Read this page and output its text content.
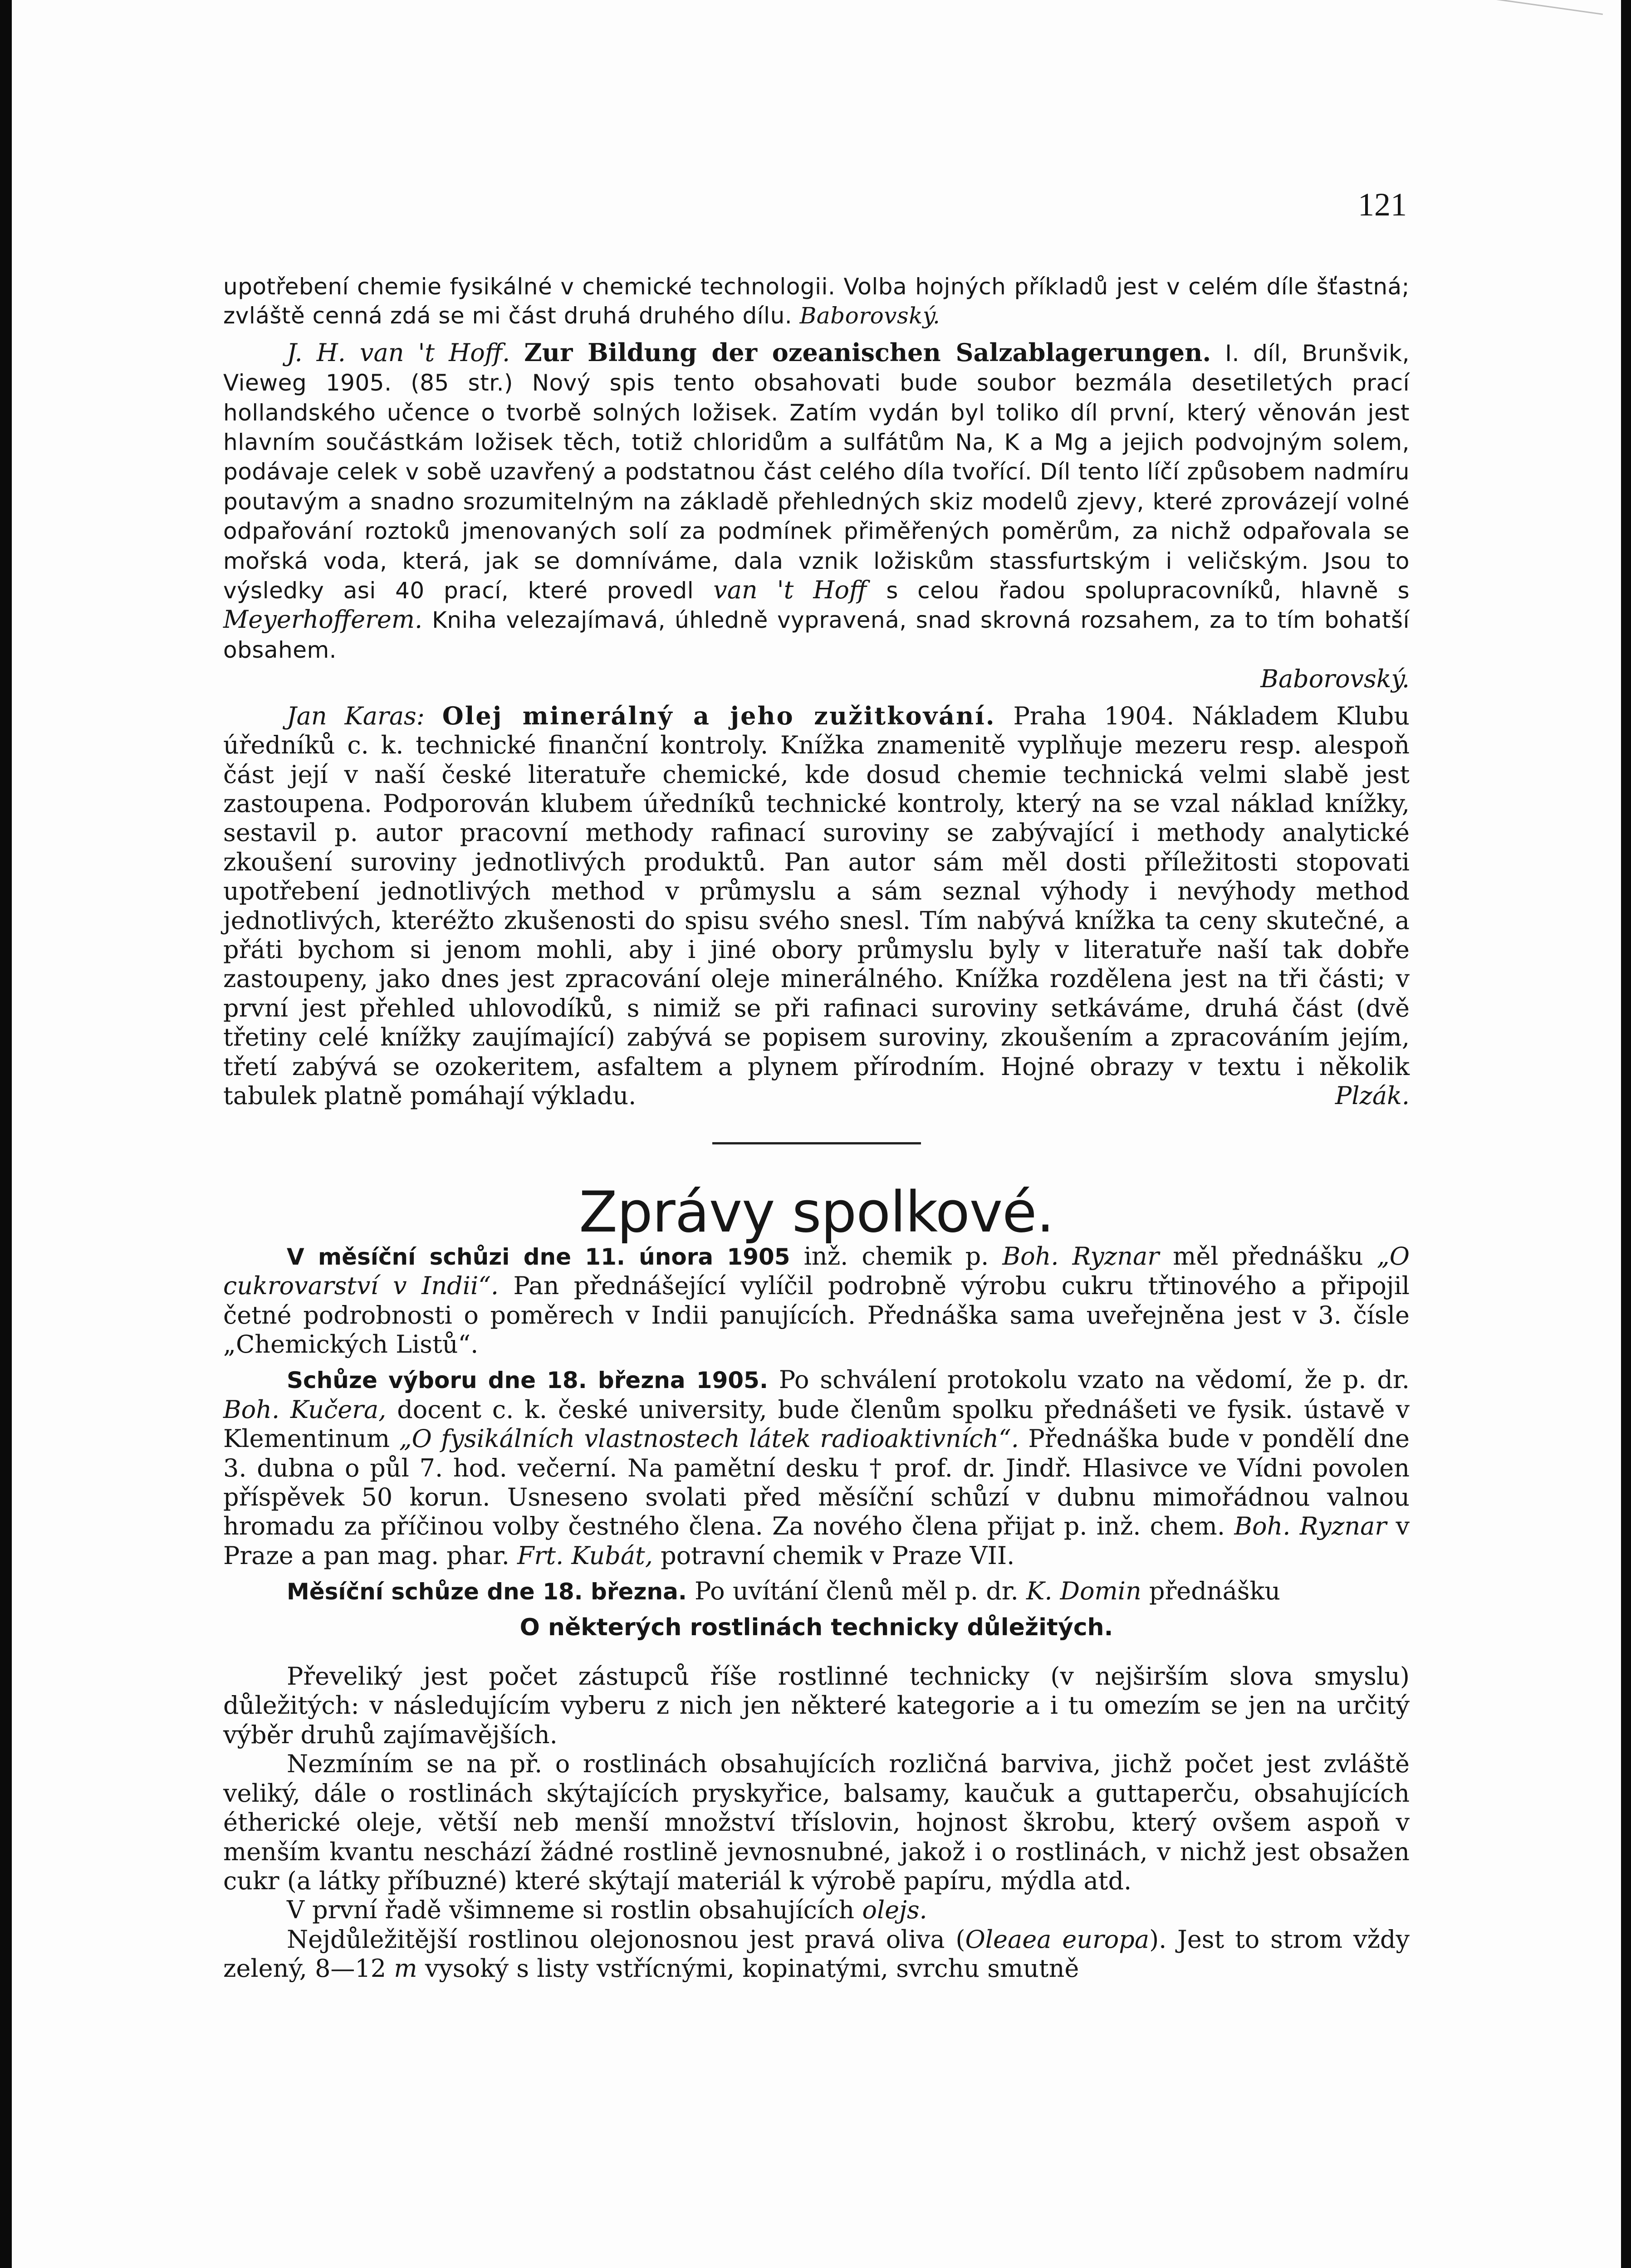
121

upotřebení chemie fysikálné v chemické technologii. Volba hojných příkladů jest v celém díle šťastná; zvláště cenná zdá se mi část druhá druhého dílu. Baborovský.

J. H. van 't Hoff. Zur Bildung der ozeanischen Salzablagerungen. I. díl, Brunšvik, Vieweg 1905. (85 str.) Nový spis tento obsahovati bude soubor bezmála desetiletých prací hollandského učence o tvorbě solných ložisek. Zatím vydán byl toliko díl první, který věnován jest hlavním součástkám ložisek těch, totiž chloridům a sulfátům Na, K a Mg a jejich podvojným solem, podávaje celek v sobě uzavřený a podstatnou část celého díla tvořící. Díl tento líčí způsobem nadmíru poutavým a snadno srozumitelným na základě přehledných skiz modelů zjevy, které zprovázejí volné odpařování roztoků jmenovaných solí za podmínek přiměřených poměrům, za nichž odpařovala se mořská voda, která, jak se domníváme, dala vznik ložiskům stassfurtským i veličským. Jsou to výsledky asi 40 prací, které provedl van 't Hoff s celou řadou spolupracovníků, hlavně s Meyerhofferem. Kniha velezajímavá, úhledně vypravená, snad skrovná rozsahem, za to tím bohatší obsahem.

Baborovský.

Jan Karas: Olej minerálný a jeho zužitkování. Praha 1904. Nákladem Klubu úředníků c. k. technické finanční kontroly. Knížka znamenitě vyplňuje mezeru resp. alespoň část její v naší české literatuře chemické, kde dosud chemie technická velmi slabě jest zastoupena. Podporován klubem úředníků technické kontroly, který na se vzal náklad knížky, sestavil p. autor pracovní methody rafinací suroviny se zabývající i methody analytické zkoušení suroviny jednotlivých produktů. Pan autor sám měl dosti příležitosti stopovati upotřebení jednotlivých method v průmyslu a sám seznal výhody i nevýhody method jednotlivých, kteréžto zkušenosti do spisu svého snesl. Tím nabývá knížka ta ceny skutečné, a přáti bychom si jenom mohli, aby i jiné obory průmyslu byly v literatuře naší tak dobře zastoupeny, jako dnes jest zpracování oleje minerálného. Knížka rozdělena jest na tři části; v první jest přehled uhlovodíků, s nimiž se při rafinaci suroviny setkáváme, druhá část (dvě třetiny celé knížky zaujímající) zabývá se popisem suroviny, zkoušením a zpracováním jejím, třetí zabývá se ozokeritem, asfaltem a plynem přírodním. Hojné obrazy v textu i několik tabulek platně pomáhají výkladu.	Plzák.

Zprávy spolkové.

V měsíční schůzi dne 11. února 1905 inž. chemik p. Boh. Ryznar měl přednášku „O cukrovarství v Indii“. Pan přednášející vylíčil podrobně výrobu cukru třtinového a připojil četné podrobnosti o poměrech v Indii panujících. Přednáška sama uveřejněna jest v 3. čísle „Chemických Listů“.

Schůze výboru dne 18. března 1905. Po schválení protokolu vzato na vědomí, že p. dr. Boh. Kučera, docent c. k. české university, bude členům spolku přednášeti ve fysik. ústavě v Klementinum „O fysikálních vlastnostech látek radioaktivních“. Přednáška bude v pondělí dne 3. dubna o půl 7. hod. večerní. Na pamětní desku † prof. dr. Jindř. Hlasivce ve Vídni povolen příspěvek 50 korun. Usneseno svolati před měsíční schůzí v dubnu mimořádnou valnou hromadu za příčinou volby čestného člena. Za nového člena přijat p. inž. chem. Boh. Ryznar v Praze a pan mag. phar. Frt. Kubát, potravní chemik v Praze VII.

Měsíční schůze dne 18. března. Po uvítání členů měl p. dr. K. Domin přednášku

O některých rostlinách technicky důležitých.

Převeliký jest počet zástupců říše rostlinné technicky (v nejširším slova smyslu) důležitých: v následujícím vyberu z nich jen některé kategorie a i tu omezím se jen na určitý výběr druhů zajímavějších.

Nezmíním se na př. o rostlinách obsahujících rozličná barviva, jichž počet jest zvláště veliký, dále o rostlinách skýtajících pryskyřice, balsamy, kaučuk a guttaperču, obsahujících étherické oleje, větší neb menší množství tříslovin, hojnost škrobu, který ovšem aspoň v menším kvantu neschází žádné rostlině jevnosnubné, jakož i o rostlinách, v nichž jest obsažen cukr (a látky příbuzné) které skýtají materiál k výrobě papíru, mýdla atd.

V první řadě všimneme si rostlin obsahujících olejs.

Nejdůležitější rostlinou olejonosnou jest pravá oliva (Oleaea europa). Jest to strom vždy zelený, 8—12 m vysoký s listy vstřícnými, kopinatými, svrchu smutně
